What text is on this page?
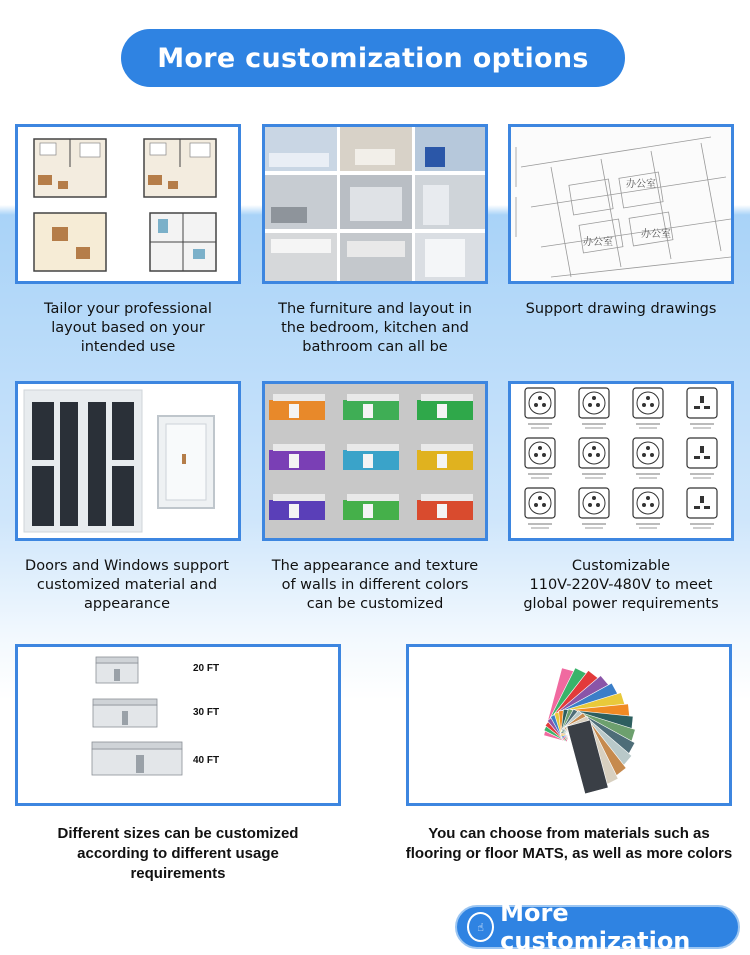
More customization options
办公室
办公室
办公室
Tailor your professional layout based on your intended use
The furniture and layout in the bedroom, kitchen and bathroom can all be
Support drawing drawings
Doors and Windows support customized material and appearance
The appearance and texture of walls in different colors can be customized
Customizable
110V-220V-480V to meet global power requirements
20 FT
30 FT
40 FT
Different sizes can be customized according to different usage requirements
You can choose from materials such as flooring or floor MATS, as well as more colors
☝ More customization
